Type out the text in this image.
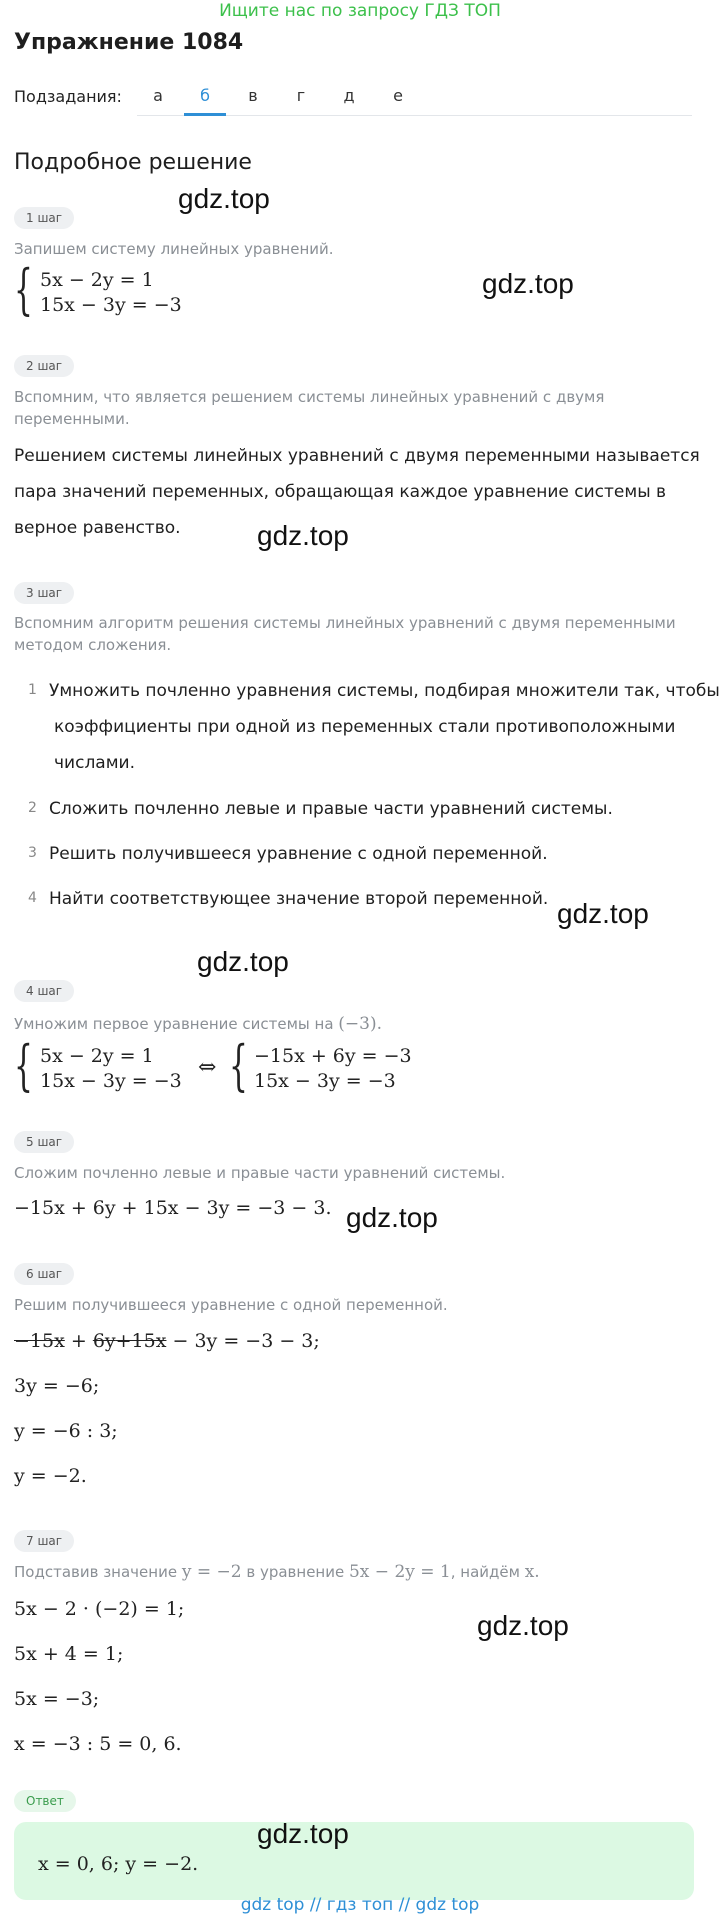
Ищите нас по запросу ГДЗ ТОП
Упражнение 1084
Подзадания:	а	б	в	г	д	е
Подробное решение
1 шаг
gdz.top
Запишем систему линейных уравнений.
{ 5x − 2y = 1
15x − 3y = −3
gdz.top
2 шаг
Вспомним, что является решением системы линейных уравнений с двумя
переменными.
Решением системы линейных уравнений с двумя переменными называется
пара значений переменных, обращающая каждое уравнение системы в
верное равенство.	gdz.top
3 шаг
Вспомним алгоритм решения системы линейных уравнений с двумя переменными
методом сложения.
1 Умножить почленно уравнения системы, подбирая множители так, чтобы
коэффициенты при одной из переменных стали противоположными
числами.
2 Сложить почленно левые и правые части уравнений системы.
3 Решить получившееся уравнение с одной переменной.
4 Найти соответствующее значение второй переменной. gdz.top
gdz.top
4 шаг
Умножим первое уравнение системы на (−3).
{ 5x − 2y = 1
15x − 3y = −3
⇔ { −15x + 6y = −3
15x − 3y = −3
5 шаг
Сложим почленно левые и правые части уравнений системы.
−15x + 6y + 15x − 3y = −3 − 3. gdz.top
6 шаг
Решим получившееся уравнение с одной переменной.
−15x + 6y+15x − 3y = −3 − 3;
3y = −6;
y = −6 : 3;
y = −2.
7 шаг
Подставив значение y = −2 в уравнение 5x − 2y = 1, найдём x.
5x − 2 · (−2) = 1;
5x + 4 = 1;
5x = −3;
x = −3 : 5 = 0, 6.
gdz.top
Ответ
x = 0, 6; y = −2.
gdz.top
gdz top // гдз топ // gdz top
